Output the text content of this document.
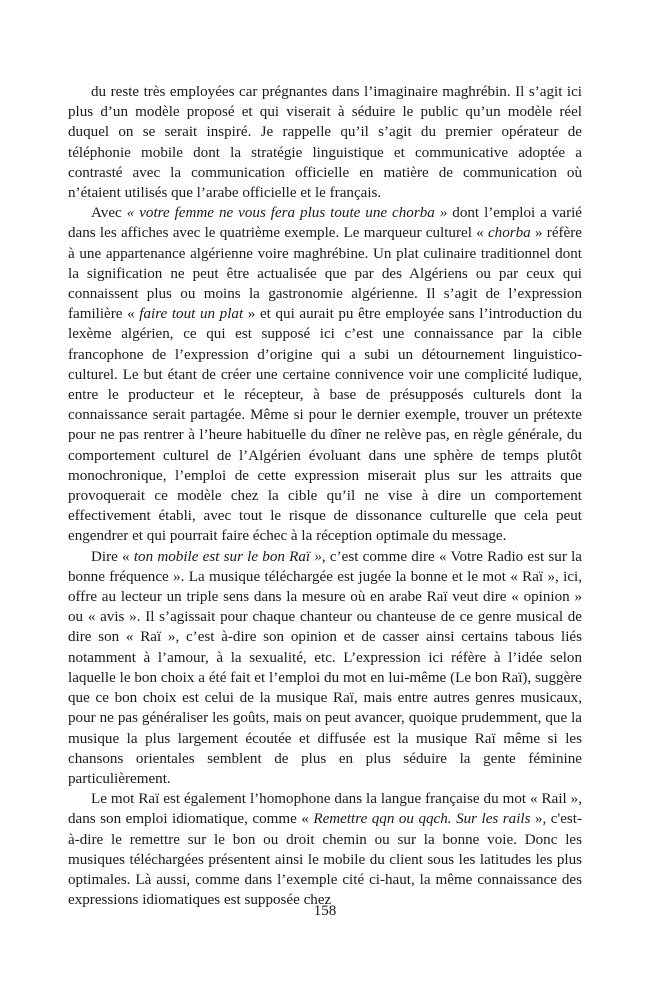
du reste très employées car prégnantes dans l’imaginaire maghrébin. Il s’agit ici plus d’un modèle proposé et qui viserait à séduire le public qu’un modèle réel duquel on se serait inspiré. Je rappelle qu’il s’agit du premier opérateur de téléphonie mobile dont la stratégie linguistique et communicative adoptée a contrasté avec la communication officielle en matière de communication où n’étaient utilisés que l’arabe officielle et le français.

Avec « votre femme ne vous fera plus toute une chorba » dont l’emploi a varié dans les affiches avec le quatrième exemple. Le marqueur culturel « chorba » réfère à une appartenance algérienne voire maghrébine. Un plat culinaire traditionnel dont la signification ne peut être actualisée que par des Algériens ou par ceux qui connaissent plus ou moins la gastronomie algérienne. Il s’agit de l’expression familière « faire tout un plat » et qui aurait pu être employée sans l’introduction du lexème algérien, ce qui est supposé ici c’est une connaissance par la cible francophone de l’expression d’origine qui a subi un détournement linguistico-culturel. Le but étant de créer une certaine connivence voir une complicité ludique, entre le producteur et le récepteur, à base de présupposés culturels dont la connaissance serait partagée. Même si pour le dernier exemple, trouver un prétexte pour ne pas rentrer à l’heure habituelle du dîner ne relève pas, en règle générale, du comportement culturel de l’Algérien évoluant dans une sphère de temps plutôt monochronique, l’emploi de cette expression miserait plus sur les attraits que provoquerait ce modèle chez la cible qu’il ne vise à dire un comportement effectivement établi, avec tout le risque de dissonance culturelle que cela peut engendrer et qui pourrait faire échec à la réception optimale du message.

Dire « ton mobile est sur le bon Raï », c’est comme dire « Votre Radio est sur la bonne fréquence ». La musique téléchargée est jugée la bonne et le mot « Raï », ici, offre au lecteur un triple sens dans la mesure où en arabe Raï veut dire « opinion » ou « avis ». Il s’agissait pour chaque chanteur ou chanteuse de ce genre musical de dire son « Raï », c’est à-dire son opinion et de casser ainsi certains tabous liés notamment à l’amour, à la sexualité, etc. L’expression ici réfère à l’idée selon laquelle le bon choix a été fait et l’emploi du mot en lui-même (Le bon Raï), suggère que ce bon choix est celui de la musique Raï, mais entre autres genres musicaux, pour ne pas généraliser les goûts, mais on peut avancer, quoique prudemment, que la musique la plus largement écoutée et diffusée est la musique Raï même si les chansons orientales semblent de plus en plus séduire la gente féminine particulièrement.

Le mot Raï est également l’homophone dans la langue française du mot « Rail », dans son emploi idiomatique, comme « Remettre qqn ou qqch. Sur les rails », c'est-à-dire le remettre sur le bon ou droit chemin ou sur la bonne voie. Donc les musiques téléchargées présentent ainsi le mobile du client sous les latitudes les plus optimales. Là aussi, comme dans l’exemple cité ci-haut, la même connaissance des expressions idiomatiques est supposée chez

158
